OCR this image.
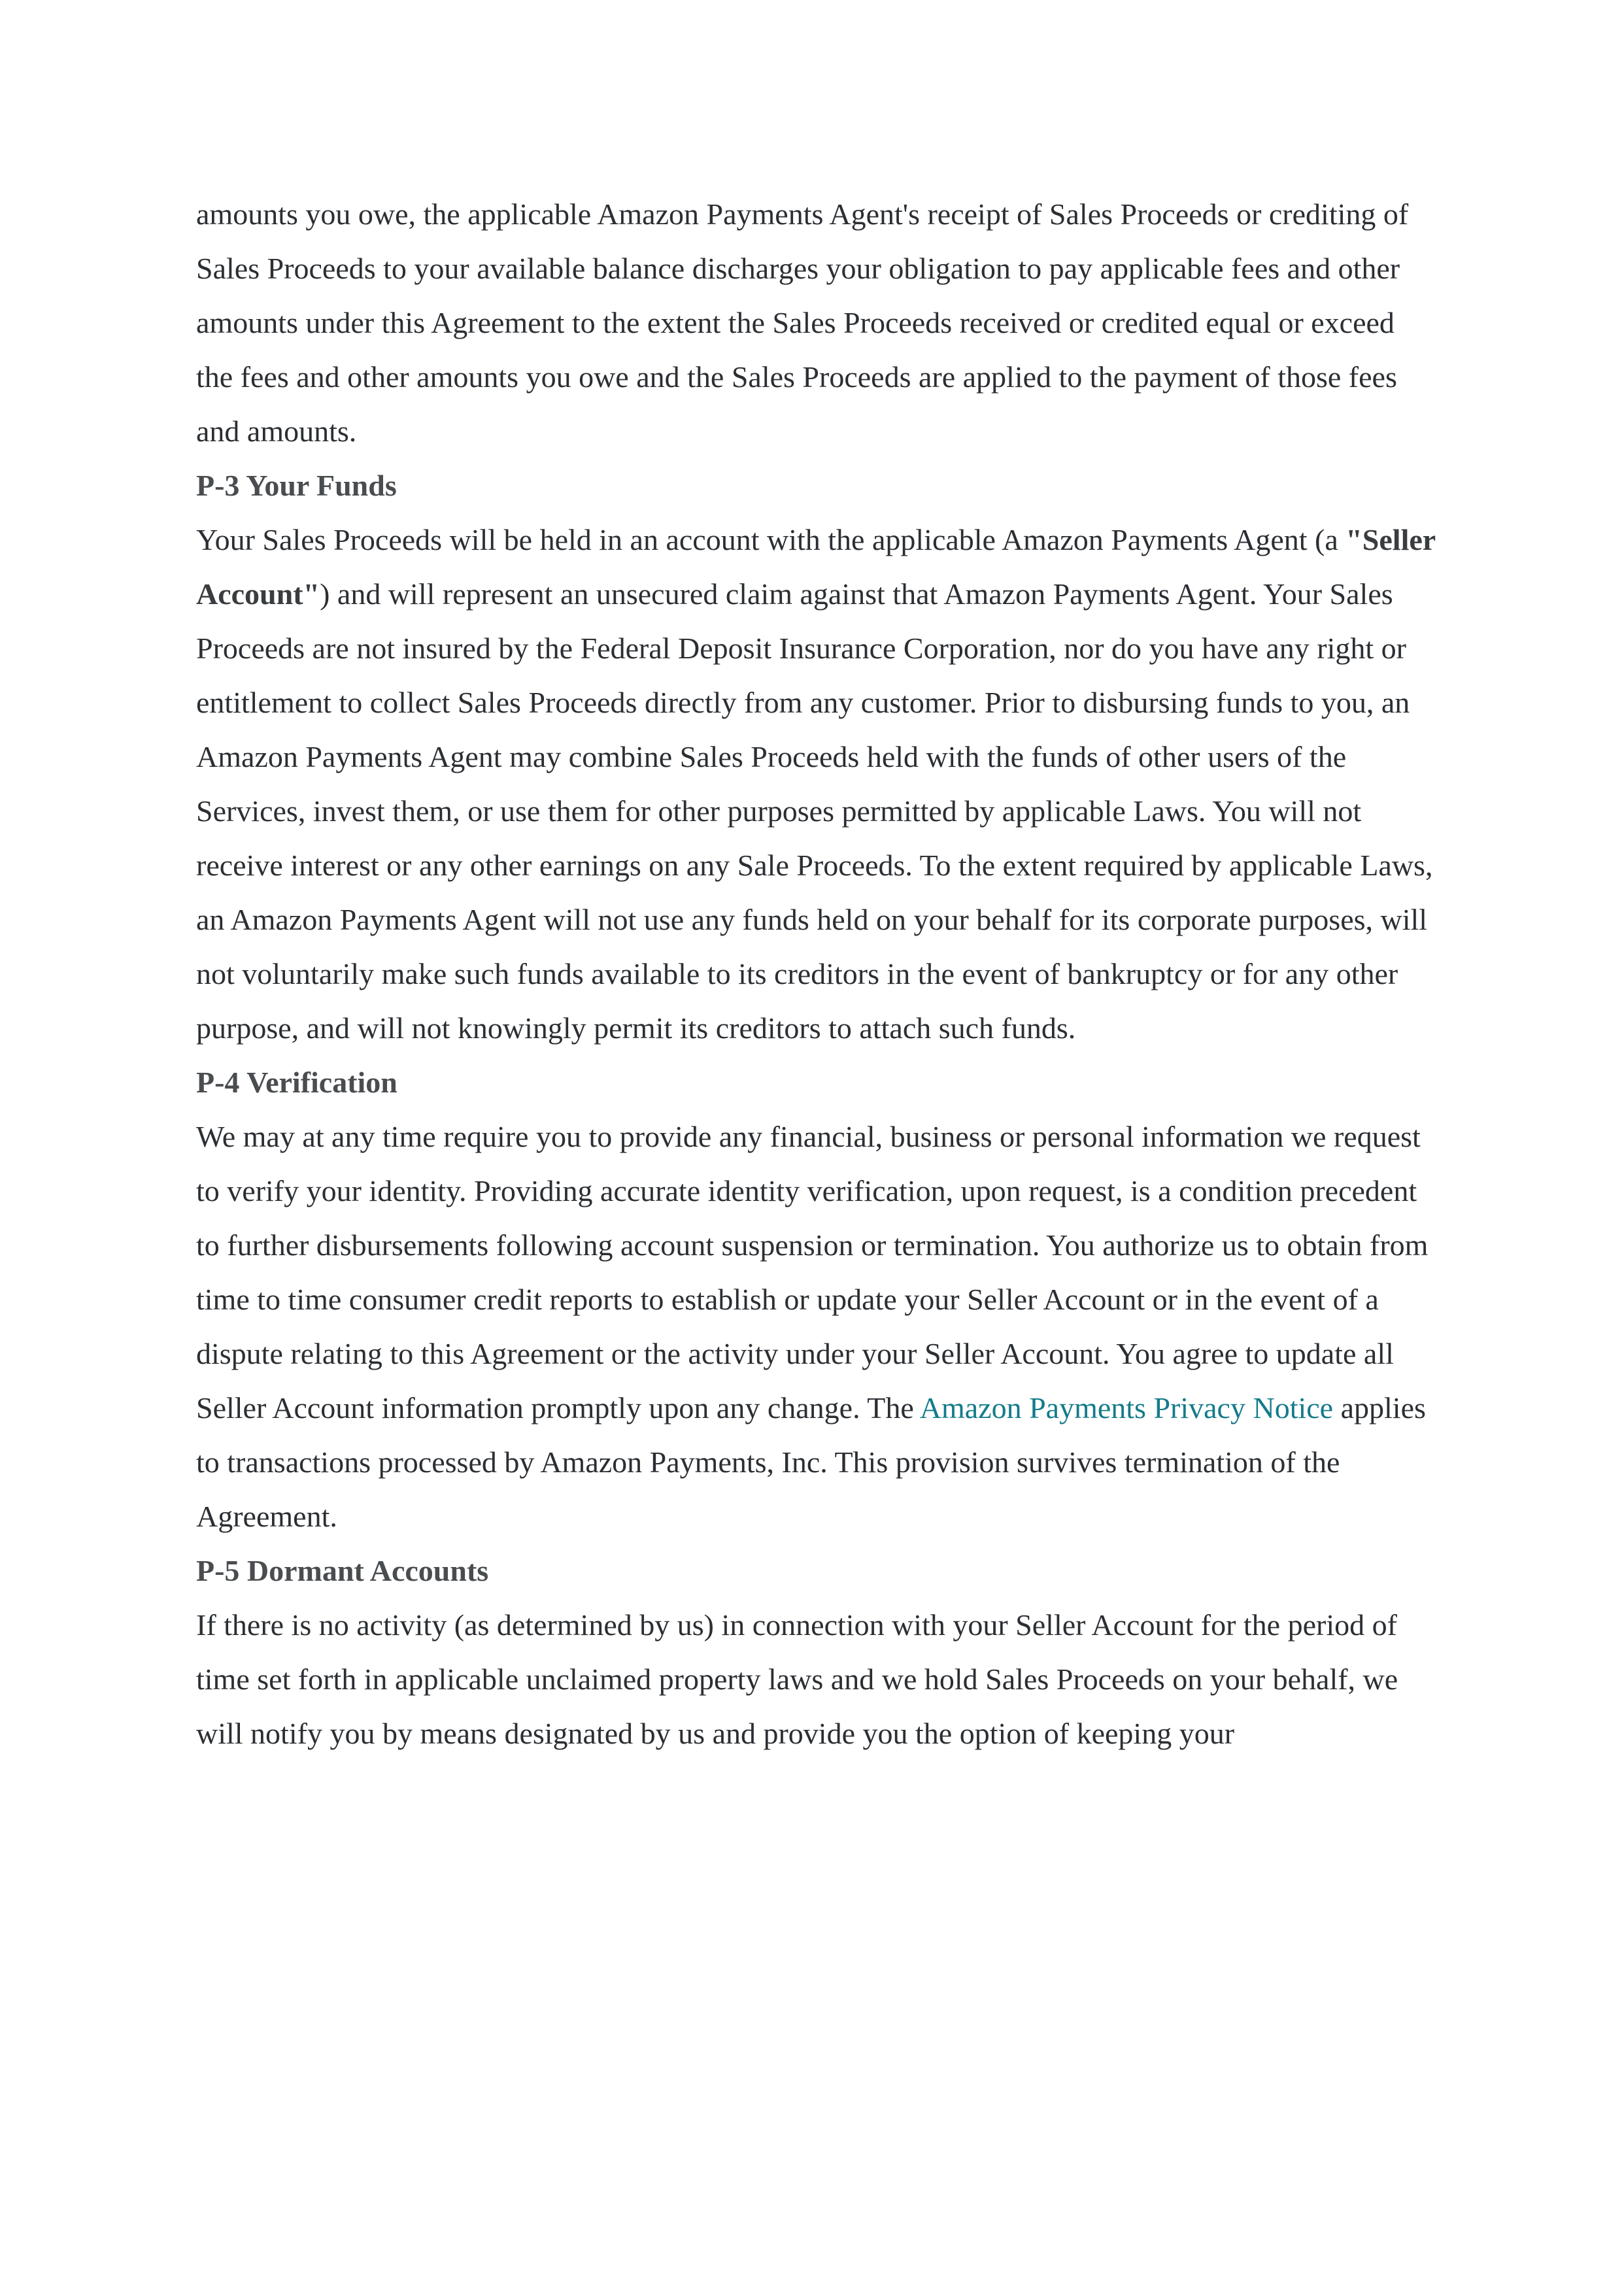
amounts you owe, the applicable Amazon Payments Agent's receipt of Sales Proceeds or crediting of Sales Proceeds to your available balance discharges your obligation to pay applicable fees and other amounts under this Agreement to the extent the Sales Proceeds received or credited equal or exceed the fees and other amounts you owe and the Sales Proceeds are applied to the payment of those fees and amounts.

P-3 Your Funds

Your Sales Proceeds will be held in an account with the applicable Amazon Payments Agent (a "Seller Account") and will represent an unsecured claim against that Amazon Payments Agent. Your Sales Proceeds are not insured by the Federal Deposit Insurance Corporation, nor do you have any right or entitlement to collect Sales Proceeds directly from any customer. Prior to disbursing funds to you, an Amazon Payments Agent may combine Sales Proceeds held with the funds of other users of the Services, invest them, or use them for other purposes permitted by applicable Laws. You will not receive interest or any other earnings on any Sale Proceeds. To the extent required by applicable Laws, an Amazon Payments Agent will not use any funds held on your behalf for its corporate purposes, will not voluntarily make such funds available to its creditors in the event of bankruptcy or for any other purpose, and will not knowingly permit its creditors to attach such funds.

P-4 Verification

We may at any time require you to provide any financial, business or personal information we request to verify your identity. Providing accurate identity verification, upon request, is a condition precedent to further disbursements following account suspension or termination. You authorize us to obtain from time to time consumer credit reports to establish or update your Seller Account or in the event of a dispute relating to this Agreement or the activity under your Seller Account. You agree to update all Seller Account information promptly upon any change. The Amazon Payments Privacy Notice applies to transactions processed by Amazon Payments, Inc. This provision survives termination of the Agreement.

P-5 Dormant Accounts

If there is no activity (as determined by us) in connection with your Seller Account for the period of time set forth in applicable unclaimed property laws and we hold Sales Proceeds on your behalf, we will notify you by means designated by us and provide you the option of keeping your
